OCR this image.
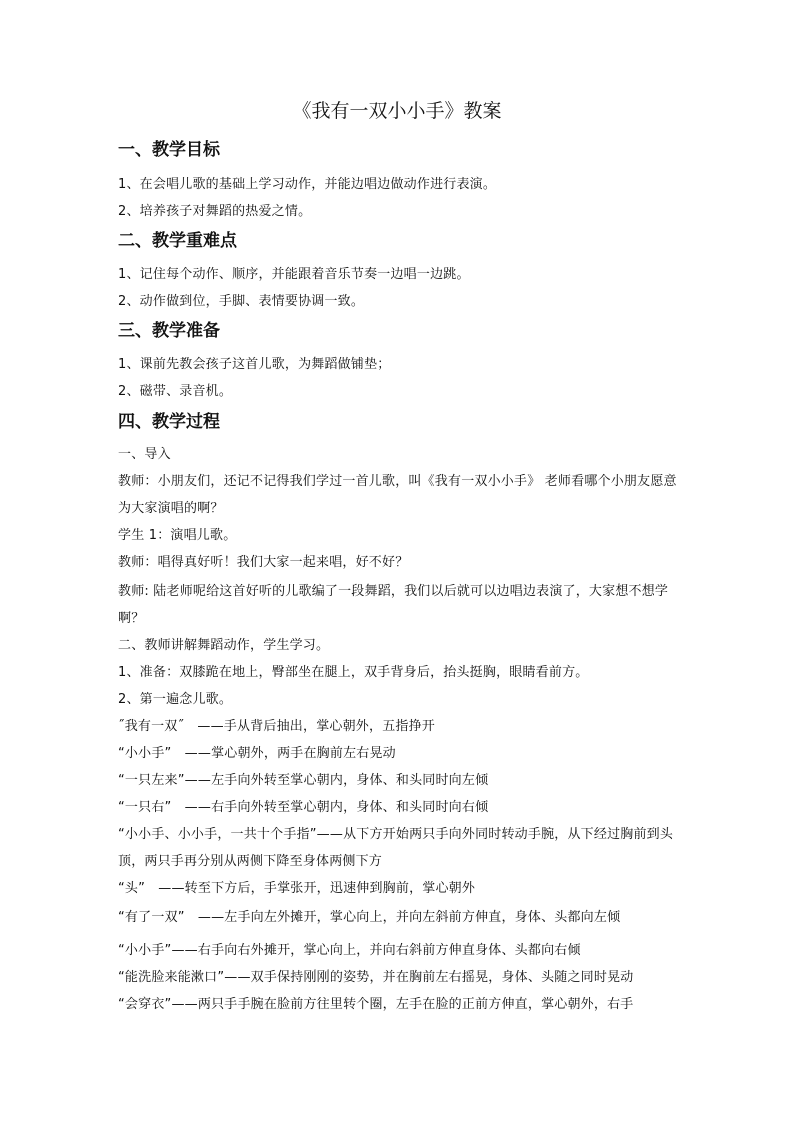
《我有一双小小手》教案
一、教学目标
1、在会唱儿歌的基础上学习动作，并能边唱边做动作进行表演。
2、培养孩子对舞蹈的热爱之情。
二、教学重难点
1、记住每个动作、顺序，并能跟着音乐节奏一边唱一边跳。
2、动作做到位，手脚、表情要协调一致。
三、教学准备
1、课前先教会孩子这首儿歌，为舞蹈做铺垫；
2、磁带、录音机。
四、教学过程
一、导入
教师：小朋友们，还记不记得我们学过一首儿歌，叫《我有一双小小手》 老师看哪个小朋友愿意为大家演唱的啊？
学生 1：演唱儿歌。
教师：唱得真好听！我们大家一起来唱，好不好？
教师: 陆老师呢给这首好听的儿歌编了一段舞蹈，我们以后就可以边唱边表演了，大家想不想学啊？
二、教师讲解舞蹈动作，学生学习。
1、准备：双膝跪在地上，臀部坐在腿上，双手背身后，抬头挺胸，眼睛看前方。
2、第一遍念儿歌。
˝我有一双˝　——手从背后抽出，掌心朝外，五指挣开
“小小手”　——掌心朝外，两手在胸前左右晃动
“一只左来”——左手向外转至掌心朝内，身体、和头同时向左倾
“一只右”　——右手向外转至掌心朝内，身体、和头同时向右倾
“小小手、小小手，一共十个手指”——从下方开始两只手向外同时转动手腕，从下经过胸前到头顶，两只手再分别从两侧下降至身体两侧下方
“头”　——转至下方后，手掌张开，迅速伸到胸前，掌心朝外
“有了一双”　——左手向左外摊开，掌心向上，并向左斜前方伸直，身体、头都向左倾
“小小手”——右手向右外摊开，掌心向上，并向右斜前方伸直身体、头都向右倾
“能洗脸来能漱口”——双手保持刚刚的姿势，并在胸前左右摇晃，身体、头随之同时晃动
“会穿衣”——两只手手腕在脸前方往里转个圈，左手在脸的正前方伸直，掌心朝外，右手
